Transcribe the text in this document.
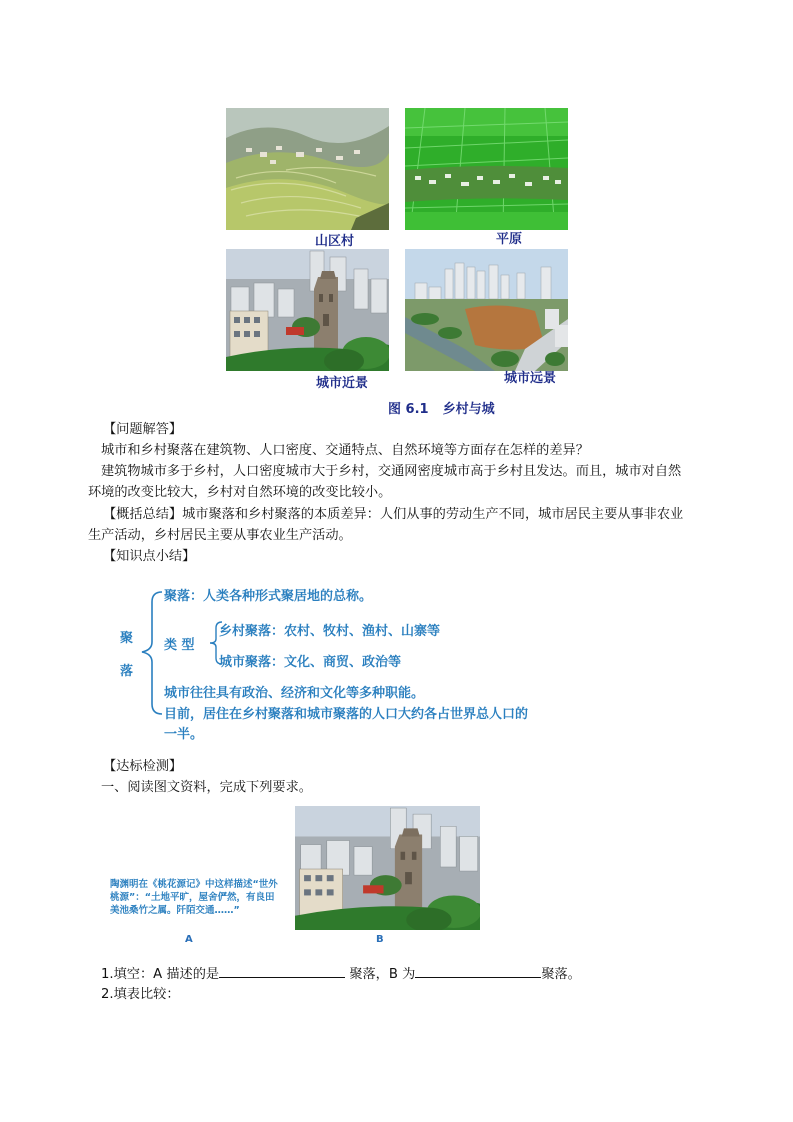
山区村	平原
城市近景	城市远景
图 6.1 乡村与城
【问题解答】
城市和乡村聚落在建筑物、人口密度、交通特点、自然环境等方面存在怎样的差异？
建筑物城市多于乡村，人口密度城市大于乡村，交通网密度城市高于乡村且发达。而且，城市对自然
环境的改变比较大，乡村对自然环境的改变比较小。
【概括总结】城市聚落和乡村聚落的本质差异：人们从事的劳动生产不同，城市居民主要从事非农业
生产活动，乡村居民主要从事农业生产活动。
【知识点小结】
聚
落
聚落：人类各种形式聚居地的总称。
类 型
乡村聚落：农村、牧村、渔村、山寨等
城市聚落：文化、商贸、政治等
城市往往具有政治、经济和文化等多种职能。
目前，居住在乡村聚落和城市聚落的人口大约各占世界总人口的
一半。
【达标检测】
一、阅读图文资料，完成下列要求。
陶渊明在《桃花源记》中这样描述“世外桃源”：“土地平旷，屋舍俨然，有良田美池桑竹之属。阡陌交通……”
A	B
1.填空：A 描述的是	聚落，B 为	聚落。
2.填表比较：
